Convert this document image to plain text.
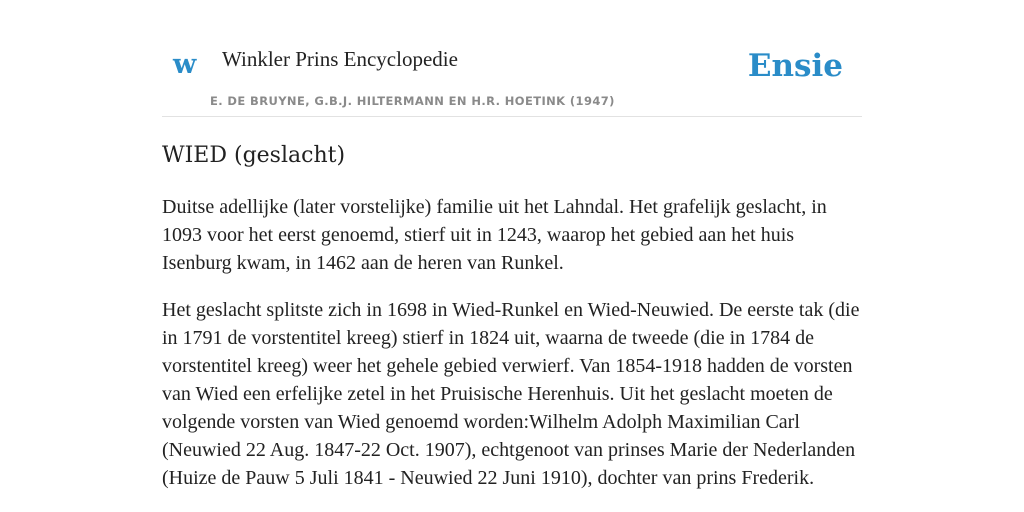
w Winkler Prins Encyclopedie
E. DE BRUYNE, G.B.J. HILTERMANN EN H.R. HOETINK (1947)
Ensie
WIED (geslacht)

Duitse adellijke (later vorstelijke) familie uit het Lahndal. Het grafelijk geslacht, in 1093 voor het eerst genoemd, stierf uit in 1243, waarop het gebied aan het huis Isenburg kwam, in 1462 aan de heren van Runkel.

Het geslacht splitste zich in 1698 in Wied-Runkel en Wied-Neuwied. De eerste tak (die in 1791 de vorstentitel kreeg) stierf in 1824 uit, waarna de tweede (die in 1784 de vorstentitel kreeg) weer het gehele gebied verwierf. Van 1854-1918 hadden de vorsten van Wied een erfelijke zetel in het Pruisische Herenhuis. Uit het geslacht moeten de volgende vorsten van Wied genoemd worden:Wilhelm Adolph Maximilian Carl (Neuwied 22 Aug. 1847-22 Oct. 1907), echtgenoot van prinses Marie der Nederlanden (Huize de Pauw 5 Juli 1841 - Neuwied 22 Juni 1910), dochter van prins Frederik.
